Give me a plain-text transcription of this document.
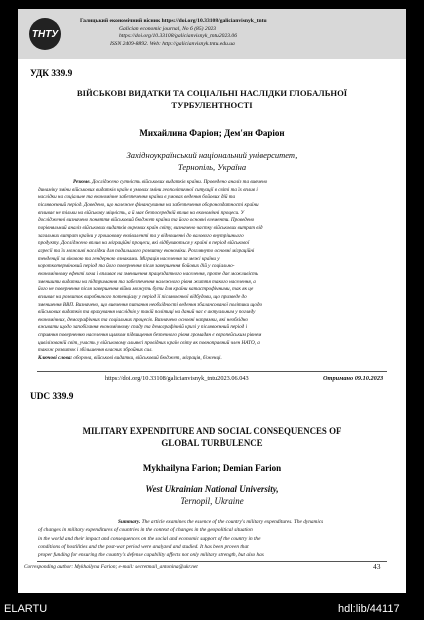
ТНТУ
Галицький економічний вісник https://doi.org/10.33108/galicianvisnyk_tntu
Galician economic journal, No 6 (85) 2023
https://doi.org/10.33108/galicianvisnyk_tntu2023.06
ISSN 2409-8892. Web: http://galicianvisnyk.tntu.edu.ua
УДК 339.9
ВІЙСЬКОВІ ВИДАТКИ ТА СОЦІАЛЬНІ НАСЛІДКИ ГЛОБАЛЬНОЇ
ТУРБУЛЕНТНОСТІ
Михайлина Фаріон; Дем'ян Фаріон
Західноукраїнський національний університет,
Тернопіль, Україна
Резюме. Досліджено сутність військових видатків країни. Проведено аналіз та вивчено
динаміку зміни військових видатків країн в умовах зміни геополітичної ситуації в світі та їх вплив і
наслідки на соціальне та економічне забезпечення країни в умовах ведення бойових дій та
післявоєнний період. Доведено, що належне фінансування на забезпечення обороноздатності країни
впливає не тільки на військову міцність, а й має безпосередній вплив на економічні процеси. У
дослідженні визначено поняття військовий бюджет країни та його основні елементи. Проведено
порівняльний аналіз військових видатків окремих країн світу, визначено частку військових витрат від
загальних витрат країни у грошовому еквіваленті та у відношенні до валового внутрішнього
продукту. Досліджено вплив на міграційні процеси, які відбуваються у країні в період військової
агресії та їх можливі наслідки для подальшого розвитку економіки. Розглянуто основні міграційні
тенденції за віковою та гендерною ознаками. Міграція населення за межі країни у
короткотерміновий період та його повернення після завершення бойових дій у соціально-
економічному ефекті хоча і впливає на зменшення працездатного населення, проте дає можливість
зменшити видатки на підтримання та забезпечення належного рівня життя такого населення, а
його не повернення після завершення війни можуть бути для країни катастрофічними, так як це
впливає на розвиток виробничого потенціалу у період її післявоєнної відбудови, що призведе до
зменшення ВВП. Визначено, що вивчення питання необхідності ведення збалансованої політики щодо
військових видатків та врахування наслідків у такій політиці на даний час є актуальним у погляду
економічних, демографічних та соціальних процесів. Визначено основні напрямки, які необхідно
вживати щодо запобігання економічному спаду та демографічній кризі у післявоєнний період і
сприяння поверненню населення щляхом підвищення безпечного рівня громадян є європейським рівнем
цивілізованій світ, участь у військовому альянсі провідних країн світу як повноправний член НАТО, а
також розвиток і збільшення власних збройних сил.
Ключові слова: оборона, військові видатки, військовий бюджет, міграція, біженці.
https://doi.org/10.33108/galicianvisnyk_tntu2023.06.043	Отримано 09.10.2023
UDC 339.9
MILITARY EXPENDITURE AND SOCIAL CONSEQUENCES OF
GLOBAL TURBULENCE
Mykhailyna Farion; Demian Farion
West Ukrainian National University,
Ternopil, Ukraine
Summary. The article examines the essence of the country's military expenditures. The dynamics
of changes in military expenditures of countries in the context of changes in the geopolitical situation
in the world and their impact and consequences on the social and economic support of the country in the
conditions of hostilities and the post-war period were analyzed and studied. It has been proven that
proper funding for ensuring the country's defense capability affects not only military strength, but also has
Corresponding author: Mykhailyna Farion; e-mail: secretmail_antonina@ukr.net	43
ELARTU	hdl:lib/44117
